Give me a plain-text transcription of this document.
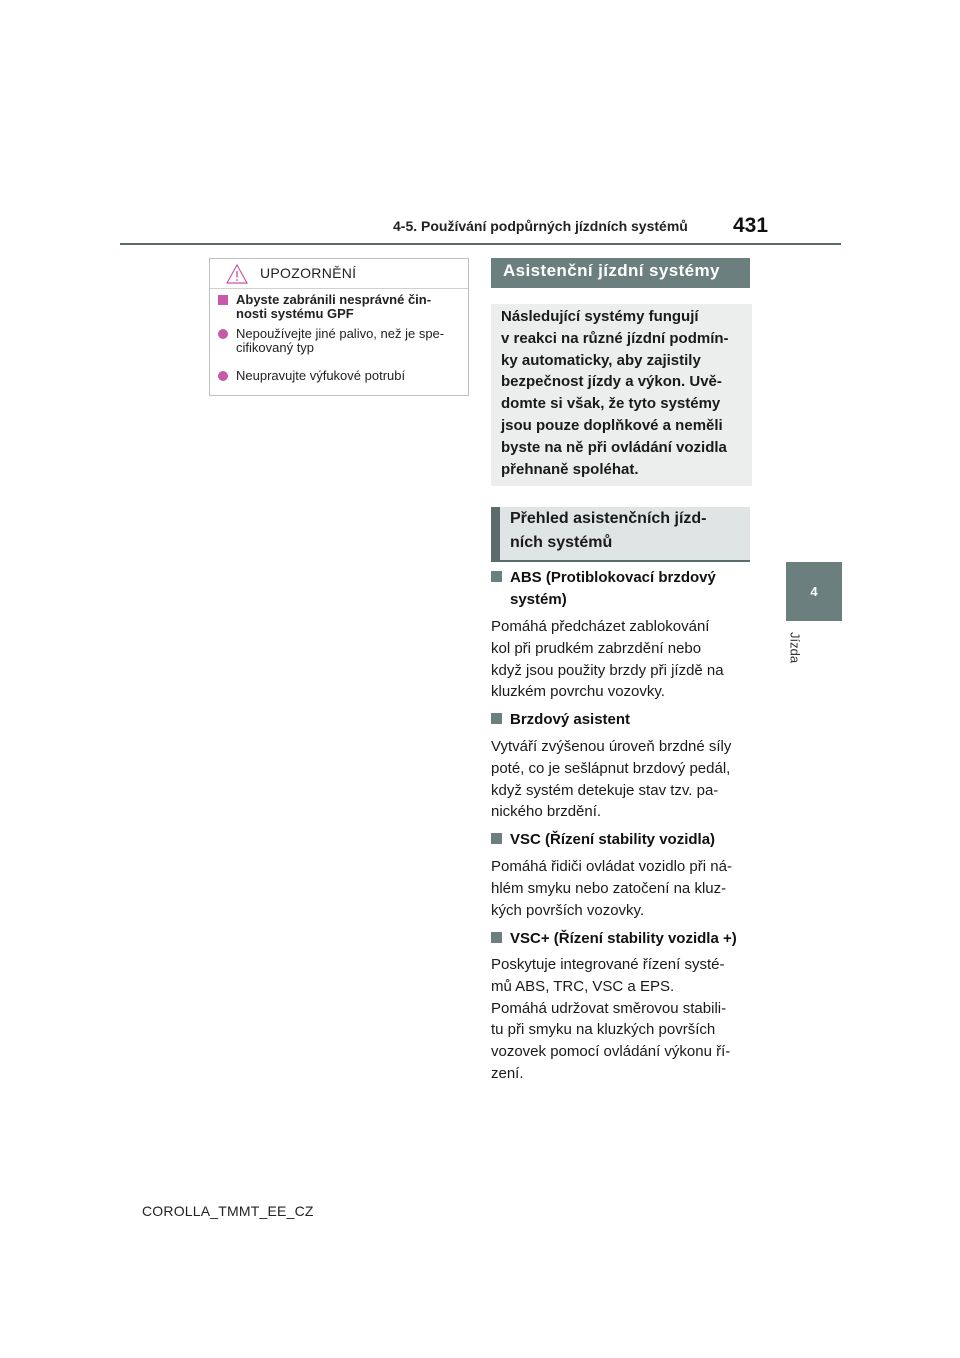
4-5. Používání podpůrných jízdních systémů 431
4
Jízda
UPOZORNĚNÍ
Abyste zabránili nesprávné čin-
nosti systému GPF
Nepoužívejte jiné palivo, než je spe-
cifikovaný typ
Neupravujte výfukové potrubí
Asistenční jízdní systémy
Následující systémy fungují
v reakci na různé jízdní podmín-
ky automaticky, aby zajistily
bezpečnost jízdy a výkon. Uvě-
domte si však, že tyto systémy
jsou pouze doplňkové a neměli
byste na ně při ovládání vozidla
přehnaně spoléhat.
Přehled asistenčních jízd-
ních systémů
ABS (Protiblokovací brzdový
systém)
Pomáhá předcházet zablokování
kol při prudkém zabrzdění nebo
když jsou použity brzdy při jízdě na
kluzkém povrchu vozovky.
Brzdový asistent
Vytváří zvýšenou úroveň brzdné síly
poté, co je sešlápnut brzdový pedál,
když systém detekuje stav tzv. pa-
nického brzdění.
VSC (Řízení stability vozidla)
Pomáhá řidiči ovládat vozidlo při ná-
hlém smyku nebo zatočení na kluz-
kých površích vozovky.
VSC+ (Řízení stability vozidla +)
Poskytuje integrované řízení systé-
mů ABS, TRC, VSC a EPS.
Pomáhá udržovat směrovou stabili-
tu při smyku na kluzkých površích
vozovek pomocí ovládání výkonu ří-
zení.
COROLLA_TMMT_EE_CZ
